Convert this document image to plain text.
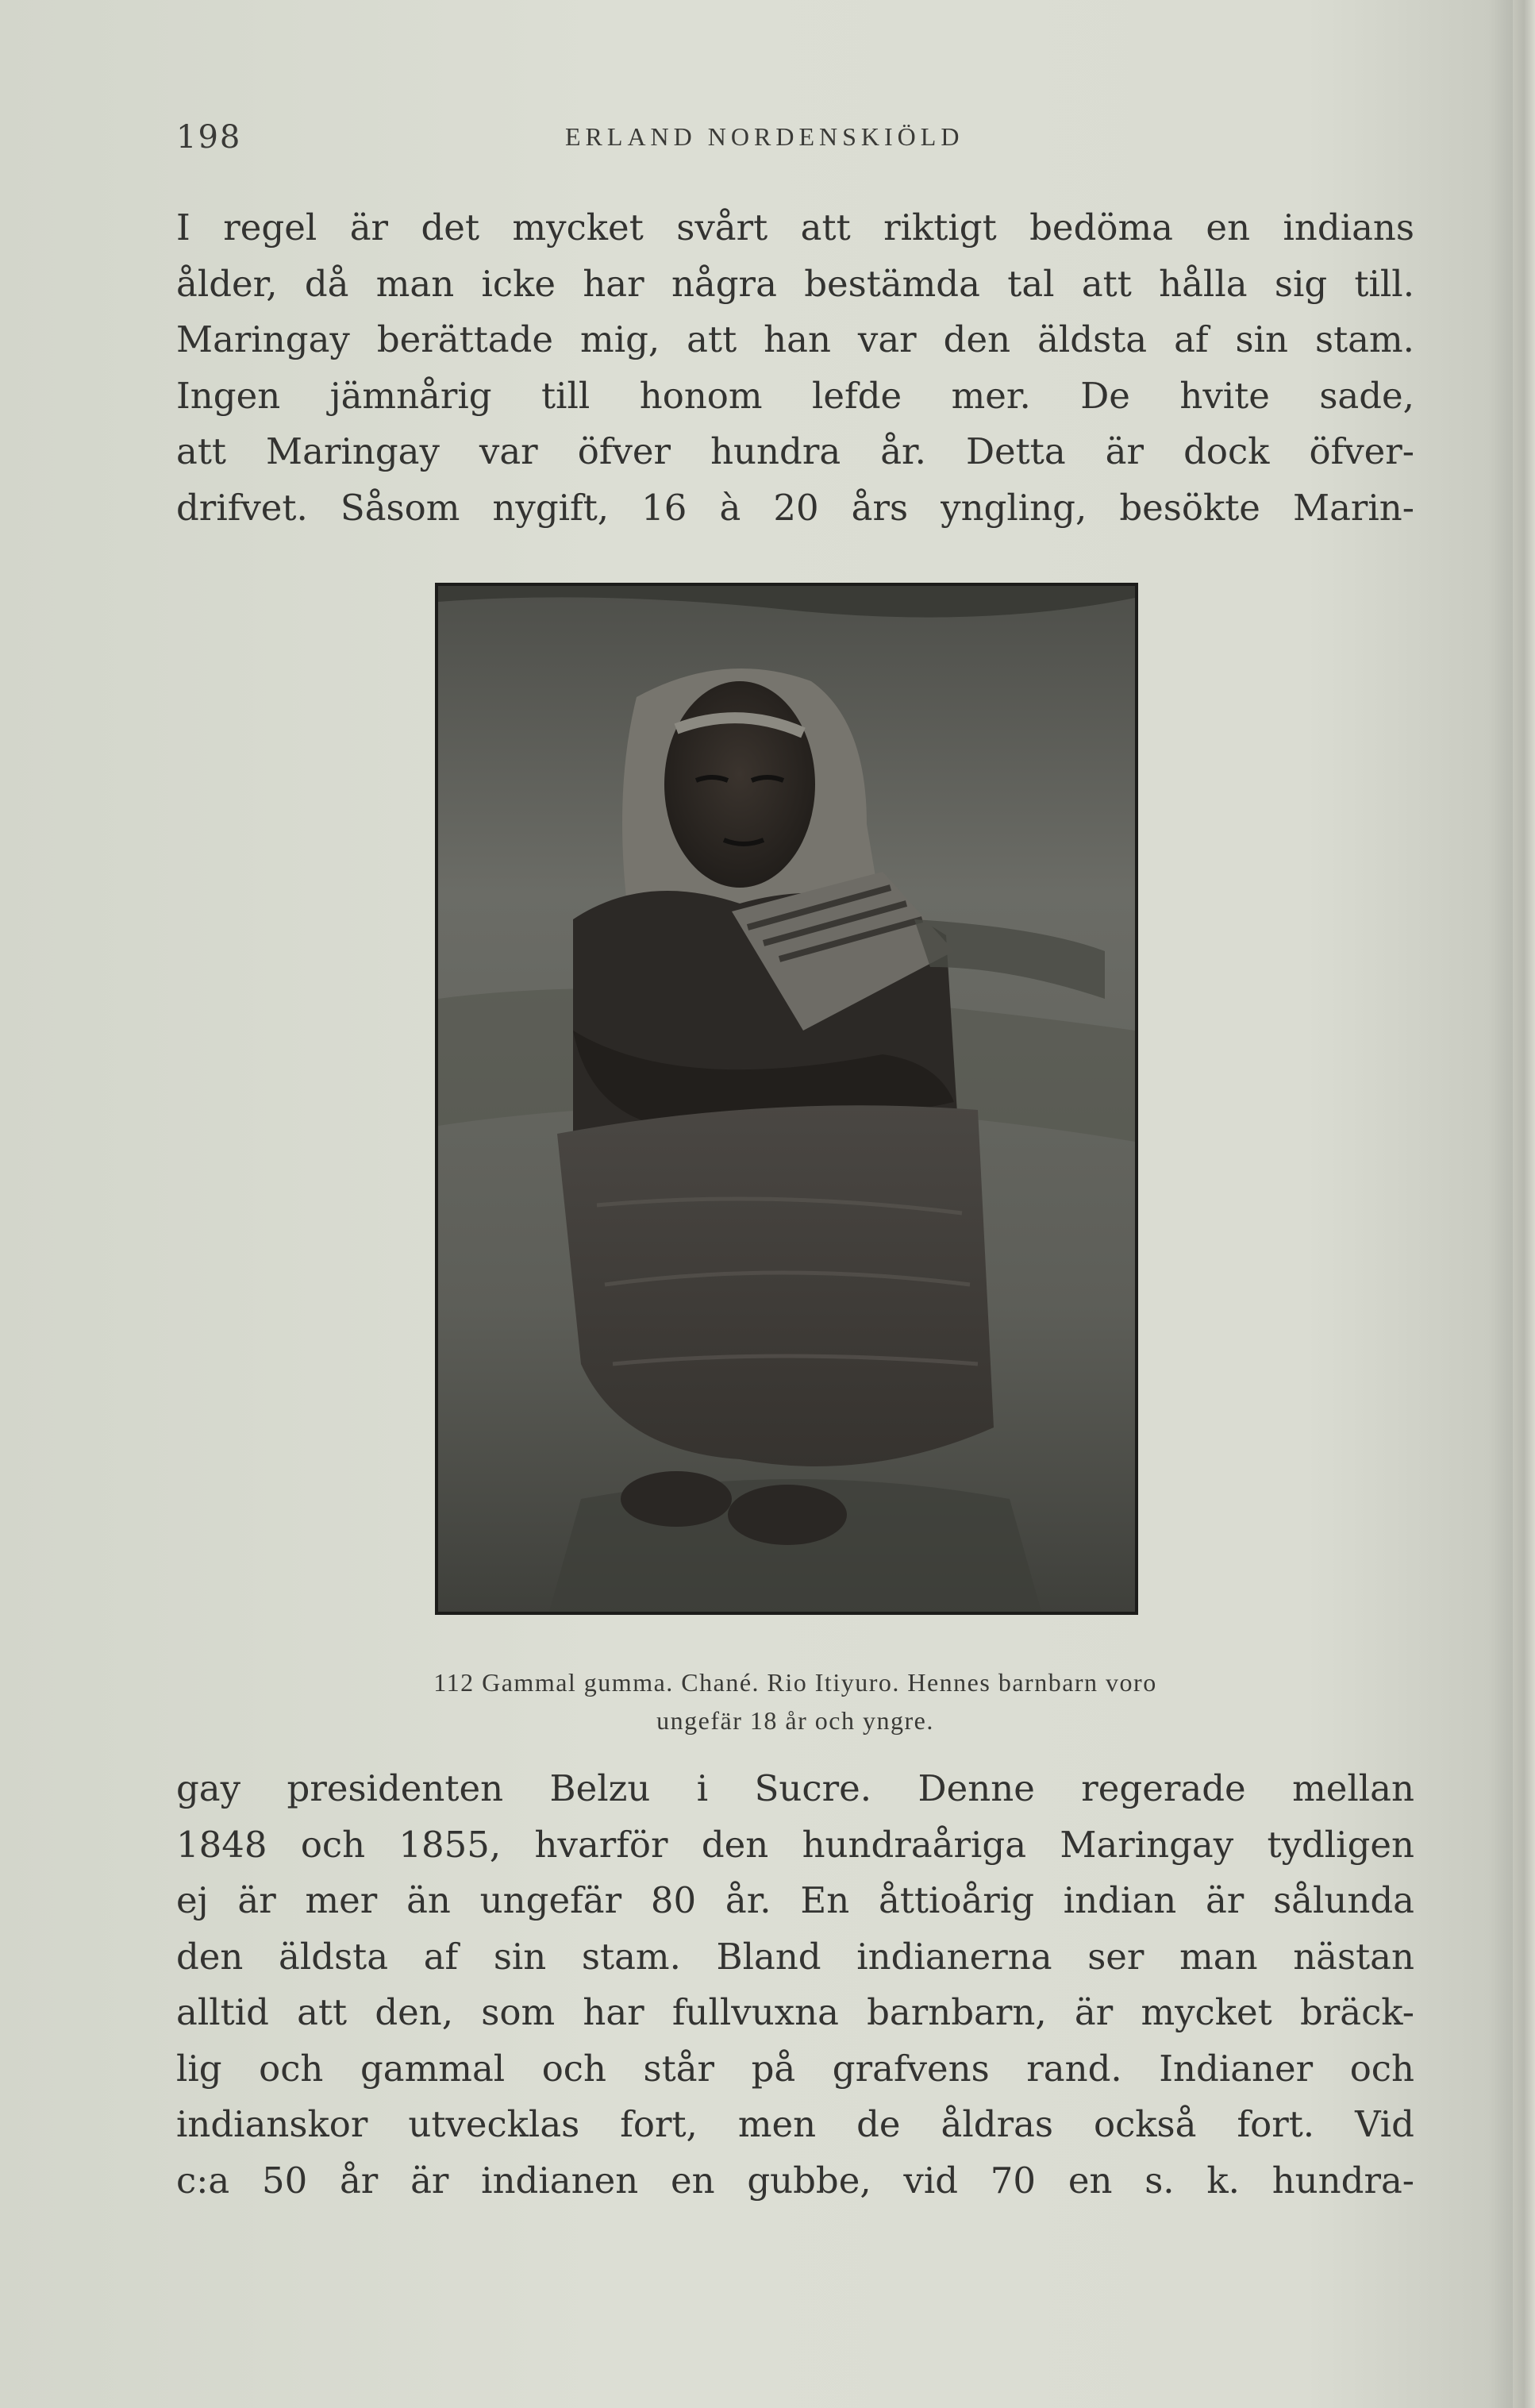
198	ERLAND NORDENSKIÖLD
I regel är det mycket svårt att riktigt bedöma en indians
ålder, då man icke har några bestämda tal att hålla sig till.
Maringay berättade mig, att han var den äldsta af sin stam.
Ingen jämnårig till honom lefde mer. De hvite sade,
att Maringay var öfver hundra år. Detta är dock öfver-
drifvet. Såsom nygift, 16 à 20 års yngling, besökte Marin-
112 Gammal gumma. Chané. Rio Itiyuro. Hennes barnbarn voro
ungefär 18 år och yngre.
gay presidenten Belzu i Sucre. Denne regerade mellan
1848 och 1855, hvarför den hundraåriga Maringay tydligen
ej är mer än ungefär 80 år. En åttioårig indian är sålunda
den äldsta af sin stam. Bland indianerna ser man nästan
alltid att den, som har fullvuxna barnbarn, är mycket bräck-
lig och gammal och står på grafvens rand. Indianer och
indianskor utvecklas fort, men de åldras också fort. Vid
c:a 50 år är indianen en gubbe, vid 70 en s. k. hundra-
